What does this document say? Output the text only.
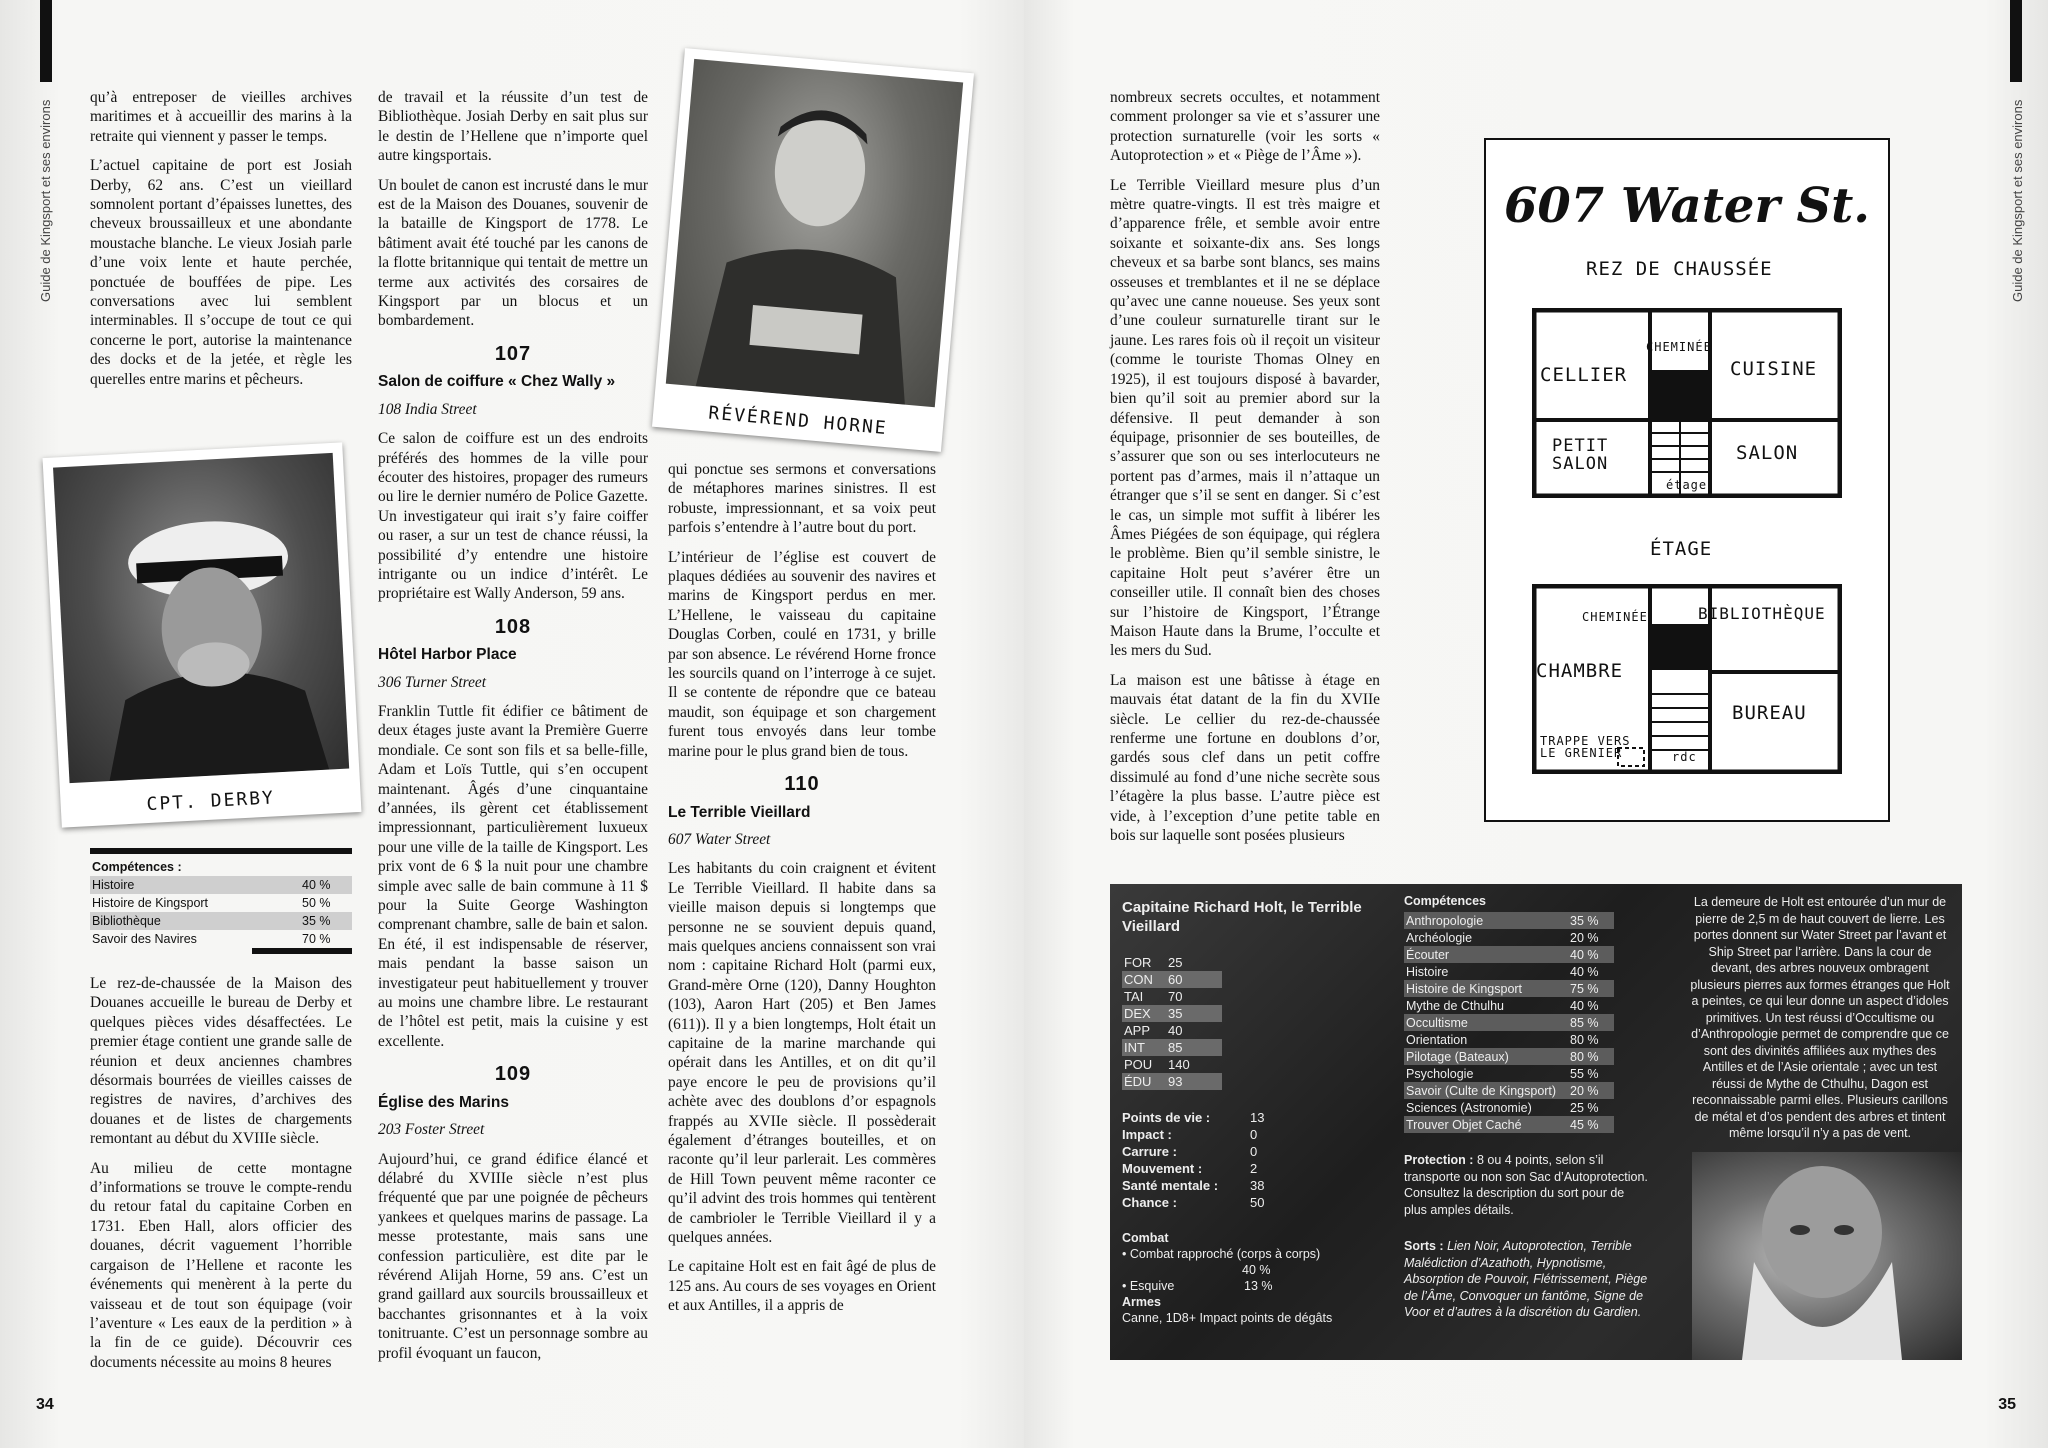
Guide de Kingsport et ses environs

qu’à entreposer de vieilles archives maritimes et à accueillir des marins à la retraite qui viennent y passer le temps.

L’actuel capitaine de port est Josiah Derby, 62 ans. C’est un vieillard somnolent portant d’épaisses lunettes, des cheveux broussailleux et une abondante moustache blanche. Le vieux Josiah parle d’une voix lente et haute perchée, ponctuée de bouffées de pipe. Les conversations avec lui semblent interminables. Il s’occupe de tout ce qui concerne le port, autorise la maintenance des docks et de la jetée, et règle les querelles entre marins et pêcheurs.

CPT. DERBY
Compétences :
Histoire	40 %
Histoire de Kingsport	50 %
Bibliothèque	35 %
Savoir des Navires	70 %

Le rez-de-chaussée de la Maison des Douanes accueille le bureau de Derby et quelques pièces vides désaffectées. Le premier étage contient une grande salle de réunion et deux anciennes chambres désormais bourrées de vieilles caisses de registres de navires, d’archives des douanes et de listes de chargements remontant au début du XVIIIe siècle.

Au milieu de cette montagne d’informations se trouve le compte-rendu du retour fatal du capitaine Corben en 1731. Eben Hall, alors officier des douanes, décrit vaguement l’horrible cargaison de l’Hellene et raconte les événements qui menèrent à la perte du vaisseau et de tout son équipage (voir l’aventure « Les eaux de la perdition » à la fin de ce guide). Découvrir ces documents nécessite au moins 8 heures

de travail et la réussite d’un test de Bibliothèque. Josiah Derby en sait plus sur le destin de l’Hellene que n’importe quel autre kingsportais.

Un boulet de canon est incrusté dans le mur est de la Maison des Douanes, souvenir de la bataille de Kingsport de 1778. Le bâtiment avait été touché par les canons de la flotte britannique qui tentait de mettre un terme aux activités des corsaires de Kingsport par un blocus et un bombardement.

107
Salon de coiffure « Chez Wally »
108 India Street

Ce salon de coiffure est un des endroits préférés des hommes de la ville pour écouter des histoires, propager des rumeurs ou lire le dernier numéro de Police Gazette. Un investigateur qui irait s’y faire coiffer ou raser, a sur un test de chance réussi, la possibilité d’y entendre une histoire intrigante ou un indice d’intérêt. Le propriétaire est Wally Anderson, 59 ans.

108
Hôtel Harbor Place
306 Turner Street

Franklin Tuttle fit édifier ce bâtiment de deux étages juste avant la Première Guerre mondiale. Ce sont son fils et sa belle-fille, Adam et Loïs Tuttle, qui s’en occupent maintenant. Âgés d’une cinquantaine d’années, ils gèrent cet établissement impressionnant, particulièrement luxueux pour une ville de la taille de Kingsport. Les prix vont de 6 $ la nuit pour une chambre simple avec salle de bain commune à 11 $ pour la Suite George Washington comprenant chambre, salle de bain et salon. En été, il est indispensable de réserver, mais pendant la basse saison un investigateur peut habituellement y trouver au moins une chambre libre. Le restaurant de l’hôtel est petit, mais la cuisine y est excellente.

109
Église des Marins
203 Foster Street

Aujourd’hui, ce grand édifice élancé et délabré du XVIIIe siècle n’est plus fréquenté que par une poignée de pêcheurs yankees et quelques marins de passage. La messe protestante, mais sans une confession particulière, est dite par le révérend Alijah Horne, 59 ans. C’est un grand gaillard aux sourcils broussailleux et bacchantes grisonnantes et à la voix tonitruante. C’est un personnage sombre au profil évoquant un faucon,

RÉVÉREND HORNE

qui ponctue ses sermons et conversations de métaphores marines sinistres. Il est robuste, impressionnant, et sa voix peut parfois s’entendre à l’autre bout du port.

L’intérieur de l’église est couvert de plaques dédiées au souvenir des navires et marins de Kingsport perdus en mer. L’Hellene, le vaisseau du capitaine Douglas Corben, coulé en 1731, y brille par son absence. Le révérend Horne fronce les sourcils quand on l’interroge à ce sujet. Il se contente de répondre que ce bateau maudit, son équipage et son chargement furent tous envoyés dans leur tombe marine pour le plus grand bien de tous.

110
Le Terrible Vieillard
607 Water Street

Les habitants du coin craignent et évitent Le Terrible Vieillard. Il habite dans sa vieille maison depuis si longtemps que personne ne se souvient depuis quand, mais quelques anciens connaissent son vrai nom : capitaine Richard Holt (parmi eux, Grand-mère Orne (120), Danny Houghton (103), Aaron Hart (205) et Ben James (611)). Il y a bien longtemps, Holt était un capitaine de la marine marchande qui opérait dans les Antilles, et on dit qu’il paye encore le peu de provisions qu’il achète avec des doublons d’or espagnols frappés au XVIIe siècle. Il possèderait également d’étranges bouteilles, et on raconte qu’il leur parlerait. Les commères de Hill Town peuvent même raconter ce qu’il advint des trois hommes qui tentèrent de cambrioler le Terrible Vieillard il y a quelques années.

Le capitaine Holt est en fait âgé de plus de 125 ans. Au cours de ses voyages en Orient et aux Antilles, il a appris de

34
Guide de Kingsport et ses environs
35

nombreux secrets occultes, et notamment comment prolonger sa vie et s’assurer une protection surnaturelle (voir les sorts « Autoprotection » et « Piège de l’Âme »).

Le Terrible Vieillard mesure plus d’un mètre quatre-vingts. Il est très maigre et d’apparence frêle, et semble avoir entre soixante et soixante-dix ans. Ses longs cheveux et sa barbe sont blancs, ses mains osseuses et tremblantes et il ne se déplace qu’avec une canne noueuse. Ses yeux sont d’une couleur surnaturelle tirant sur le jaune. Les rares fois où il reçoit un visiteur (comme le touriste Thomas Olney en 1925), il est toujours disposé à bavarder, bien qu’il soit au premier abord sur la défensive. Il peut demander à son équipage, prisonnier de ses bouteilles, de s’assurer que son ou ses interlocuteurs ne portent pas d’armes, mais il n’attaque un étranger que s’il se sent en danger. Si c’est le cas, un simple mot suffit à libérer les Âmes Piégées de son équipage, qui réglera le problème. Bien qu’il semble sinistre, le capitaine Holt peut s’avérer être un conseiller utile. Il connaît bien des choses sur l’histoire de Kingsport, l’Étrange Maison Haute dans la Brume, l’occulte et les mers du Sud.

La maison est une bâtisse à étage en mauvais état datant de la fin du XVIIe siècle. Le cellier du rez-de-chaussée renferme une fortune en doublons d’or, gardés sous clef dans un petit coffre dissimulé au fond d’une niche secrète sous l’étagère la plus basse. L’autre pièce est vide, à l’exception d’une petite table en bois sur laquelle sont posées plusieurs

607 Water St.
REZ DE CHAUSSÉE
CELLIER	CUISINE
CHEMINÉE
PETIT
SALON	SALON
étage
ÉTAGE
CHEMINÉE	BIBLIOTHÈQUE
CHAMBRE
BUREAU
TRAPPE VERS
LE GRENIER	rdc
Capitaine Richard Holt, le Terrible Vieillard
FOR	25
CON	60
TAI	70
DEX	35
APP	40
INT	85
POU	140
ÉDU	93
Points de vie :	13
Impact :	0
Carrure :	0
Mouvement :	2
Santé mentale :	38
Chance :	50
Combat
• Combat rapproché (corps à corps)
40 %
• Esquive	13 %
Armes
Canne, 1D8+ Impact points de dégâts
Compétences
Anthropologie	35 %
Archéologie	20 %
Écouter	40 %
Histoire	40 %
Histoire de Kingsport	75 %
Mythe de Cthulhu	40 %
Occultisme	85 %
Orientation	80 %
Pilotage (Bateaux)	80 %
Psychologie	55 %
Savoir (Culte de Kingsport)	20 %
Sciences (Astronomie)	25 %
Trouver Objet Caché	45 %
Protection : 8 ou 4 points, selon s’il transporte ou non son Sac d’Autoprotection. Consultez la description du sort pour de plus amples détails.
Sorts : Lien Noir, Autoprotection, Terrible Malédiction d’Azathoth, Hypnotisme, Absorption de Pouvoir, Flétrissement, Piège de l’Âme, Convoquer un fantôme, Signe de Voor et d’autres à la discrétion du Gardien.
La demeure de Holt est entourée d’un mur de pierre de 2,5 m de haut couvert de lierre. Les portes donnent sur Water Street par l’avant et Ship Street par l’arrière. Dans la cour de devant, des arbres nouveux ombragent plusieurs pierres aux formes étranges que Holt a peintes, ce qui leur donne un aspect d’idoles primitives. Un test réussi d’Occultisme ou d’Anthropologie permet de comprendre que ce sont des divinités affiliées aux mythes des Antilles et de l’Asie orientale ; avec un test réussi de Mythe de Cthulhu, Dagon est reconnaissable parmi elles. Plusieurs carillons de métal et d’os pendent des arbres et tintent même lorsqu’il n’y a pas de vent.
